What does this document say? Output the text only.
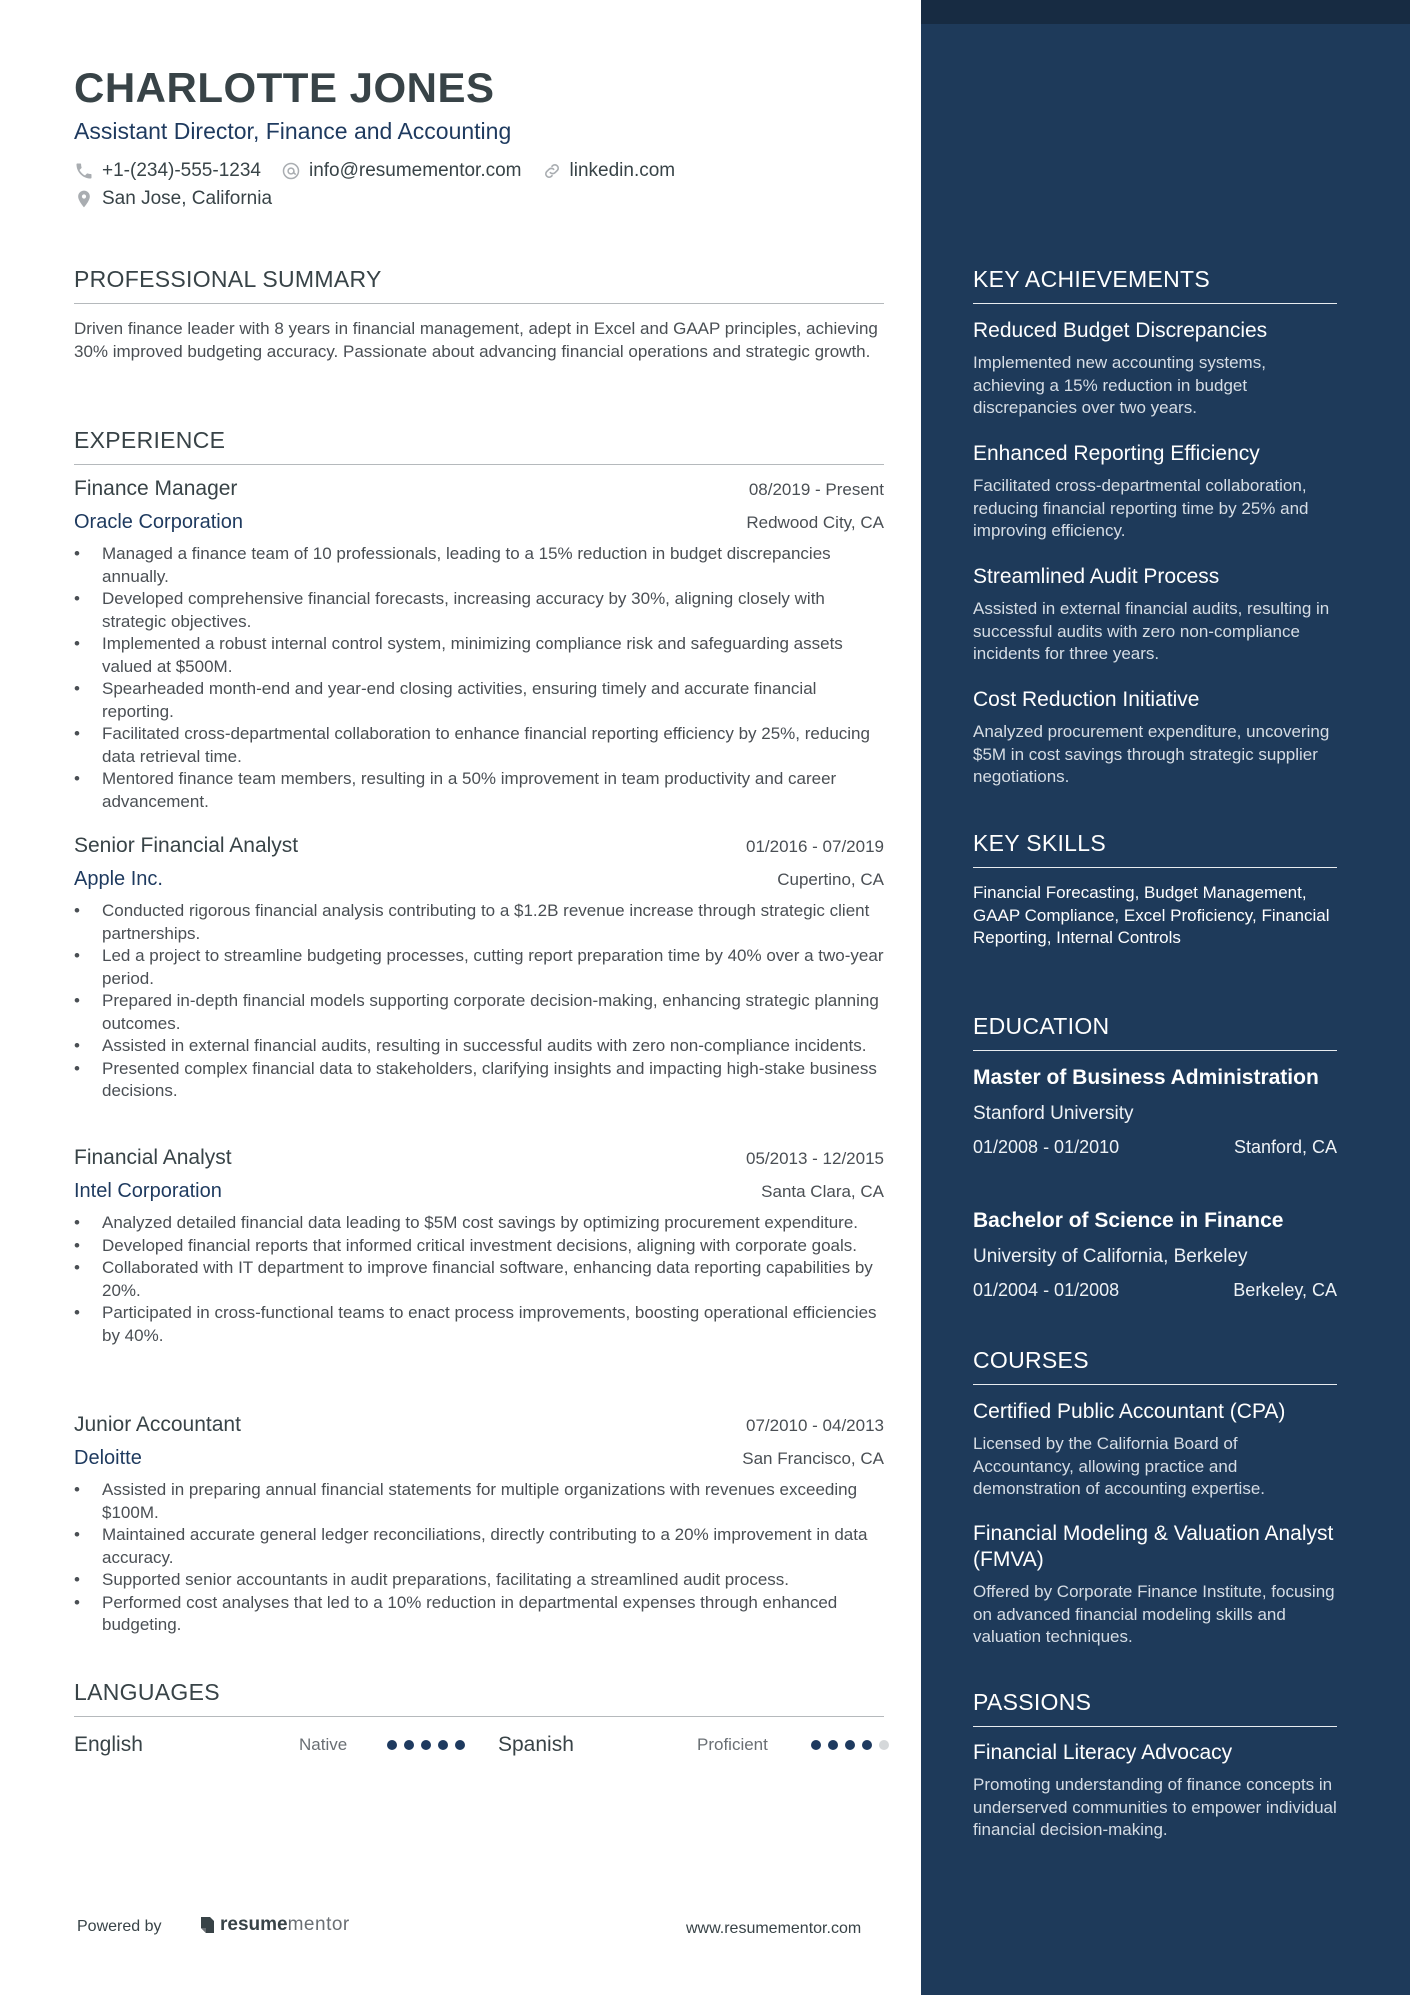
CHARLOTTE JONES
Assistant Director, Finance and Accounting
+1-(234)-555-1234	info@resumementor.com	linkedin.com
San Jose, California
PROFESSIONAL SUMMARY
Driven finance leader with 8 years in financial management, adept in Excel and GAAP principles, achieving 30% improved budgeting accuracy. Passionate about advancing financial operations and strategic growth.
EXPERIENCE
Finance Manager	08/2019 - Present
Oracle Corporation	Redwood City, CA
• Managed a finance team of 10 professionals, leading to a 15% reduction in budget discrepancies annually.
• Developed comprehensive financial forecasts, increasing accuracy by 30%, aligning closely with strategic objectives.
• Implemented a robust internal control system, minimizing compliance risk and safeguarding assets valued at $500M.
• Spearheaded month-end and year-end closing activities, ensuring timely and accurate financial reporting.
• Facilitated cross-departmental collaboration to enhance financial reporting efficiency by 25%, reducing data retrieval time.
• Mentored finance team members, resulting in a 50% improvement in team productivity and career advancement.
Senior Financial Analyst	01/2016 - 07/2019
Apple Inc.	Cupertino, CA
• Conducted rigorous financial analysis contributing to a $1.2B revenue increase through strategic client partnerships.
• Led a project to streamline budgeting processes, cutting report preparation time by 40% over a two-year period.
• Prepared in-depth financial models supporting corporate decision-making, enhancing strategic planning outcomes.
• Assisted in external financial audits, resulting in successful audits with zero non-compliance incidents.
• Presented complex financial data to stakeholders, clarifying insights and impacting high-stake business decisions.
Financial Analyst	05/2013 - 12/2015
Intel Corporation	Santa Clara, CA
• Analyzed detailed financial data leading to $5M cost savings by optimizing procurement expenditure.
• Developed financial reports that informed critical investment decisions, aligning with corporate goals.
• Collaborated with IT department to improve financial software, enhancing data reporting capabilities by 20%.
• Participated in cross-functional teams to enact process improvements, boosting operational efficiencies by 40%.
Junior Accountant	07/2010 - 04/2013
Deloitte	San Francisco, CA
• Assisted in preparing annual financial statements for multiple organizations with revenues exceeding $100M.
• Maintained accurate general ledger reconciliations, directly contributing to a 20% improvement in data accuracy.
• Supported senior accountants in audit preparations, facilitating a streamlined audit process.
• Performed cost analyses that led to a 10% reduction in departmental expenses through enhanced budgeting.
LANGUAGES
English	Native	Spanish	Proficient
Powered by	resume mentor	www.resumementor.com
KEY ACHIEVEMENTS
Reduced Budget Discrepancies
Implemented new accounting systems, achieving a 15% reduction in budget discrepancies over two years.
Enhanced Reporting Efficiency
Facilitated cross-departmental collaboration, reducing financial reporting time by 25% and improving efficiency.
Streamlined Audit Process
Assisted in external financial audits, resulting in successful audits with zero non-compliance incidents for three years.
Cost Reduction Initiative
Analyzed procurement expenditure, uncovering $5M in cost savings through strategic supplier negotiations.
KEY SKILLS
Financial Forecasting, Budget Management, GAAP Compliance, Excel Proficiency, Financial Reporting, Internal Controls
EDUCATION
Master of Business Administration
Stanford University
01/2008 - 01/2010	Stanford, CA
Bachelor of Science in Finance
University of California, Berkeley
01/2004 - 01/2008	Berkeley, CA
COURSES
Certified Public Accountant (CPA)
Licensed by the California Board of Accountancy, allowing practice and demonstration of accounting expertise.
Financial Modeling & Valuation Analyst (FMVA)
Offered by Corporate Finance Institute, focusing on advanced financial modeling skills and valuation techniques.
PASSIONS
Financial Literacy Advocacy
Promoting understanding of finance concepts in underserved communities to empower individual financial decision-making.
